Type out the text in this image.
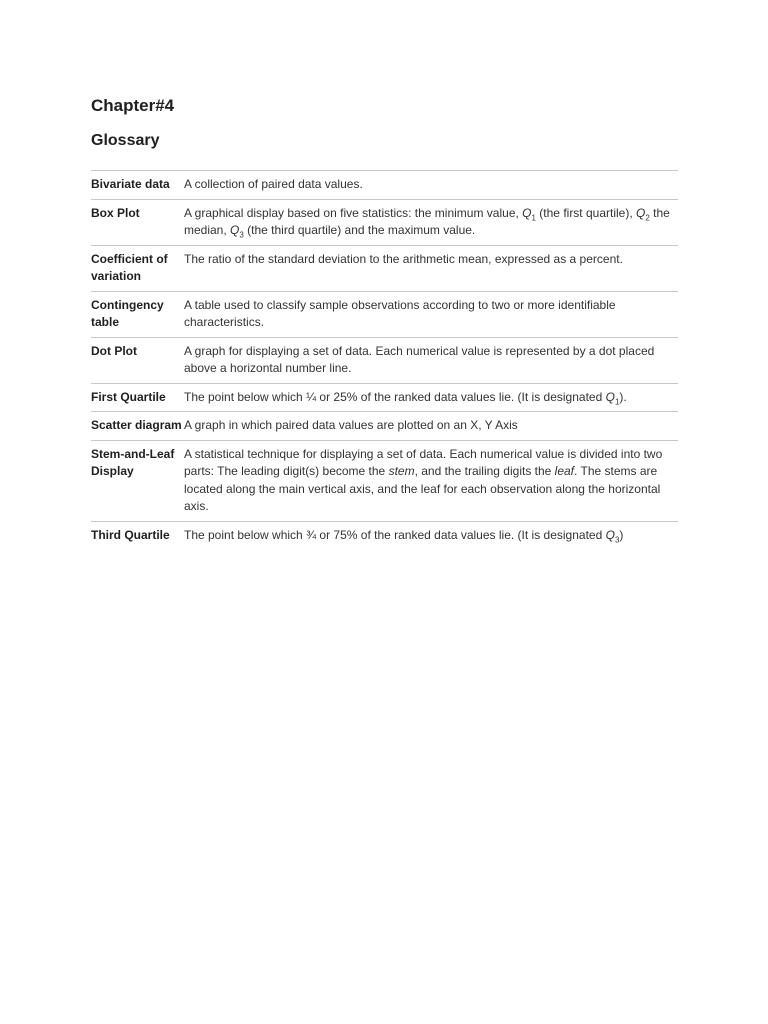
Chapter#4
Glossary
Bivariate data	A collection of paired data values.
Box Plot	A graphical display based on five statistics: the minimum value, $Q_1$ (the first quartile), $Q_2$ the median, $Q_3$ (the third quartile) and the maximum value.
Coefficient of variation	The ratio of the standard deviation to the arithmetic mean, expressed as a percent.
Contingency table	A table used to classify sample observations according to two or more identifiable characteristics.
Dot Plot	A graph for displaying a set of data. Each numerical value is represented by a dot placed above a horizontal number line.
First Quartile	The point below which ¼ or 25% of the ranked data values lie. (It is designated $Q_1$).
Scatter diagram	A graph in which paired data values are plotted on an X, Y Axis
Stem-and-Leaf Display	A statistical technique for displaying a set of data. Each numerical value is divided into two parts: The leading digit(s) become the stem, and the trailing digits the leaf. The stems are located along the main vertical axis, and the leaf for each observation along the horizontal axis.
Third Quartile	The point below which ¾ or 75% of the ranked data values lie. (It is designated $Q_3$)
